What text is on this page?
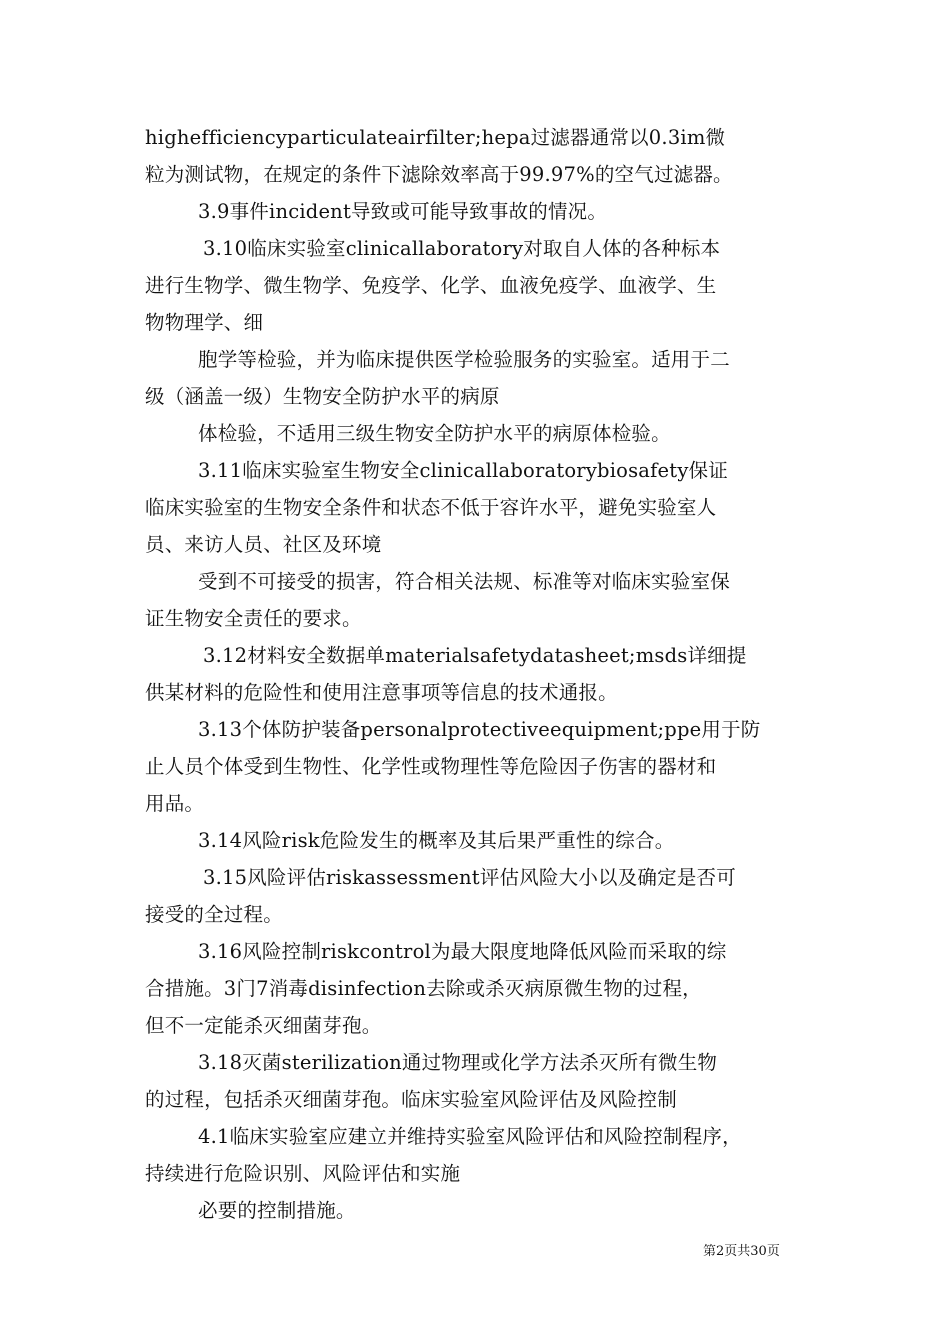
highefficiencyparticulateairfilter;hepa过滤器通常以0.3im微
粒为测试物，在规定的条件下滤除效率高于99.97%的空气过滤器。
3.9事件incident导致或可能导致事故的情况。
3.10临床实验室clinicallaboratory对取自人体的各种标本
进行生物学、微生物学、免疫学、化学、血液免疫学、血液学、生
物物理学、细
胞学等检验，并为临床提供医学检验服务的实验室。适用于二
级（涵盖一级）生物安全防护水平的病原
体检验，不适用三级生物安全防护水平的病原体检验。
3.11临床实验室生物安全clinicallaboratorybiosafety保证
临床实验室的生物安全条件和状态不低于容许水平，避免实验室人
员、来访人员、社区及环境
受到不可接受的损害，符合相关法规、标准等对临床实验室保
证生物安全责任的要求。
3.12材料安全数据单materialsafetydatasheet;msds详细提
供某材料的危险性和使用注意事项等信息的技术通报。
3.13个体防护装备personalprotectiveequipment;ppe用于防
止人员个体受到生物性、化学性或物理性等危险因子伤害的器材和
用品。
3.14风险risk危险发生的概率及其后果严重性的综合。
3.15风险评估riskassessment评估风险大小以及确定是否可
接受的全过程。
3.16风险控制riskcontrol为最大限度地降低风险而采取的综
合措施。3门7消毒disinfection去除或杀灭病原微生物的过程，
但不一定能杀灭细菌芽孢。
3.18灭菌sterilization通过物理或化学方法杀灭所有微生物
的过程，包括杀灭细菌芽孢。临床实验室风险评估及风险控制
4.1临床实验室应建立并维持实验室风险评估和风险控制程序，
持续进行危险识别、风险评估和实施
必要的控制措施。
第2页共30页
